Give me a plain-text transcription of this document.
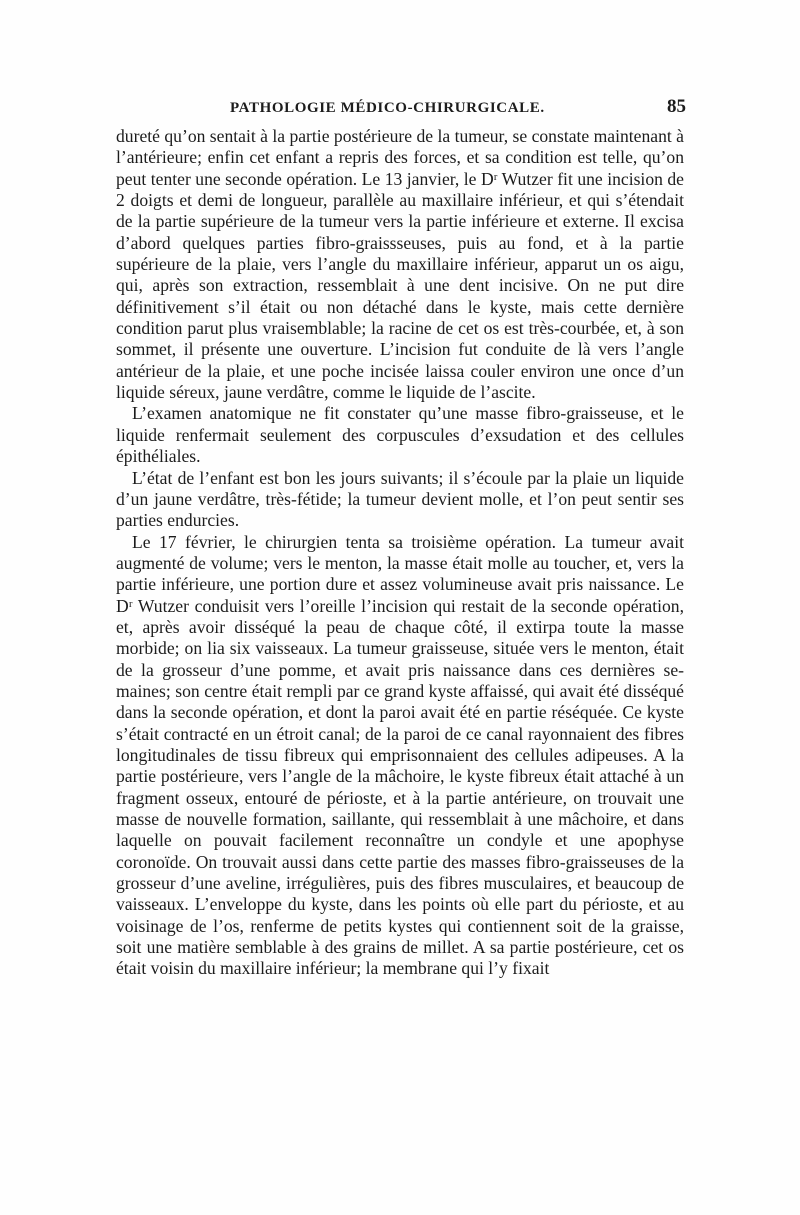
PATHOLOGIE MÉDICO-CHIRURGICALE.	85

dureté qu’on sentait à la partie postérieure de la tumeur, se constate maintenant à l’antérieure; enfin cet enfant a repris des forces, et sa condition est telle, qu’on peut tenter une seconde opération. Le 13 janvier, le Dʳ Wutzer fit une incision de 2 doigts et demi de longueur, parallèle au maxillaire inférieur, et qui s’étendait de la partie supérieure de la tumeur vers la partie inférieure et externe. Il excisa d’abord quelques parties fibro-graissseuses, puis au fond, et à la partie supérieure de la plaie, vers l’angle du maxillaire inférieur, apparut un os aigu, qui, après son extraction, ressemblait à une dent incisive. On ne put dire définitivement s’il était ou non détaché dans le kyste, mais cette dernière condition parut plus vraisemblable; la racine de cet os est très-courbée, et, à son sommet, il présente une ouverture. L’incision fut conduite de là vers l’angle antérieur de la plaie, et une poche incisée laissa couler environ une once d’un liquide séreux, jaune verdâtre, comme le liquide de l’ascite.

L’examen anatomique ne fit constater qu’une masse fibro-graisseuse, et le liquide renfermait seulement des corpuscules d’exsudation et des cellules épithéliales.

L’état de l’enfant est bon les jours suivants; il s’écoule par la plaie un liquide d’un jaune verdâtre, très-fétide; la tumeur devient molle, et l’on peut sentir ses parties endurcies.

Le 17 février, le chirurgien tenta sa troisième opération. La tumeur avait augmenté de volume; vers le menton, la masse était molle au toucher, et, vers la partie inférieure, une portion dure et assez volumineuse avait pris naissance. Le Dʳ Wutzer conduisit vers l’oreille l’incision qui restait de la seconde opération, et, après avoir disséqué la peau de chaque côté, il extirpa toute la masse morbide; on lia six vaisseaux. La tumeur graisseuse, située vers le menton, était de la grosseur d’une pomme, et avait pris naissance dans ces dernières semaines; son centre était rempli par ce grand kyste affaissé, qui avait été disséqué dans la seconde opération, et dont la paroi avait été en partie réséquée. Ce kyste s’était contracté en un étroit canal; de la paroi de ce canal rayonnaient des fibres longitudinales de tissu fibreux qui emprisonnaient des cellules adipeuses. A la partie postérieure, vers l’angle de la mâchoire, le kyste fibreux était attaché à un fragment osseux, entouré de périoste, et à la partie antérieure, on trouvait une masse de nouvelle formation, saillante, qui ressemblait à une mâchoire, et dans laquelle on pouvait facilement reconnaître un condyle et une apophyse coronoïde. On trouvait aussi dans cette partie des masses fibro-graisseuses de la grosseur d’une aveline, irrégulières, puis des fibres musculaires, et beaucoup de vaisseaux. L’enveloppe du kyste, dans les points où elle part du périoste, et au voisinage de l’os, renferme de petits kystes qui contiennent soit de la graisse, soit une matière semblable à des grains de millet. A sa partie postérieure, cet os était voisin du maxillaire inférieur; la membrane qui l’y fixait
